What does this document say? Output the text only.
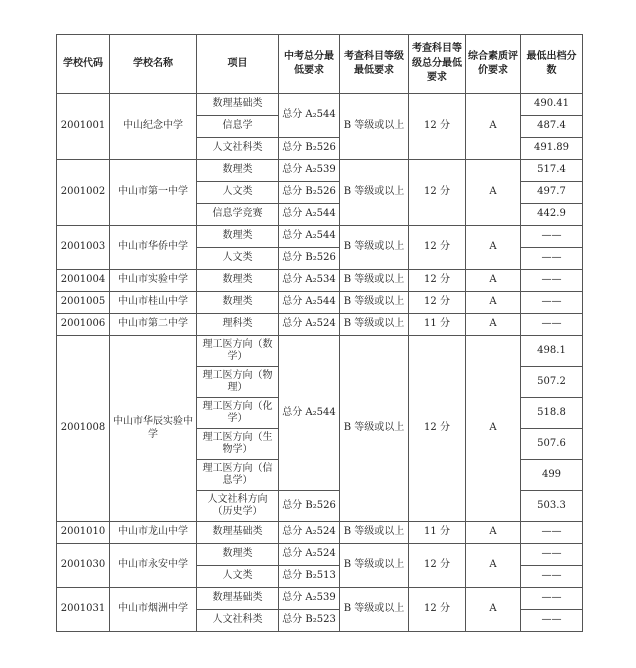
学校代码	学校名称	项目	中考总分最低要求	考查科目等级最低要求	考查科目等级总分最低要求	综合素质评价要求	最低出档分数
2001001	中山纪念中学	数理基础类	总分 A₂544	B 等级或以上	12 分	A	490.41
		信息学					487.4
		人文社科类	总分 B₂526				491.89
2001002	中山市第一中学	数理类	总分 A₂539	B 等级或以上	12 分	A	517.4
		人文类	总分 B₂526				497.7
		信息学竞赛	总分 A₂544				442.9
2001003	中山市华侨中学	数理类	总分 A₂544	B 等级或以上	12 分	A	——
		人文类	总分 B₂526				——
2001004	中山市实验中学	数理类	总分 A₂534	B 等级或以上	12 分	A	——
2001005	中山市桂山中学	数理类	总分 A₂544	B 等级或以上	12 分	A	——
2001006	中山市第二中学	理科类	总分 A₂524	B 等级或以上	11 分	A	——
2001008	中山市华辰实验中学	理工医方向（数学）	总分 A₂544	B 等级或以上	12 分	A	498.1
		理工医方向（物理）					507.2
		理工医方向（化学）					518.8
		理工医方向（生物学）					507.6
		理工医方向（信息学）					499
		人文社科方向（历史学）	总分 B₂526				503.3
2001010	中山市龙山中学	数理基础类	总分 A₂524	B 等级或以上	11 分	A	——
2001030	中山市永安中学	数理类	总分 A₂524	B 等级或以上	12 分	A	——
		人文类	总分 B₂513				——
2001031	中山市烟洲中学	数理基础类	总分 A₂539	B 等级或以上	12 分	A	——
		人文社科类	总分 B₂523				——
